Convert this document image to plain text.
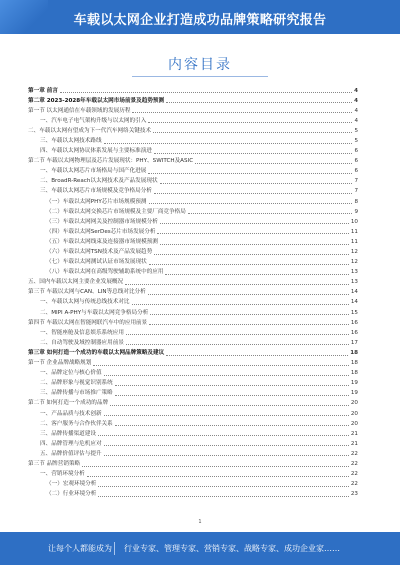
车载以太网企业打造成功品牌策略研究报告
内容目录
第一章 前言	4
第二章 2023-2028年车载以太网市场前景及趋势预测	4
第一节 以太网通信在车载领域的发展历程	4
一、汽车电子电气架构升级与以太网的引入	4
二、车载以太网有望成为下一代汽车网络关键技术	5
三、车载以太网技术路线	5
四、车载以太网协议体系发展与主要标准演进	6
第二节 车载以太网物理层及芯片发展现状：PHY、SWITCH及ASIC	6
一、车载以太网芯片市场格局与国产化进展	6
二、BroadR-Reach以太网技术及产品发展现状	7
三、车载以太网芯片市场规模及竞争格局分析	7
（一）车载以太网PHY芯片市场规模预测	8
（二）车载以太网交换芯片市场规模及主要厂商竞争格局	9
（三）车载以太网网关及控制器市场规模分析	10
（四）车载以太网SerDes芯片市场发展分析	11
（五）车载以太网线束及连接器市场规模预测	11
（六）车载以太网TSN技术及产品发展趋势	12
（七）车载以太网测试认证市场发展现状	12
（八）车载以太网在高级驾驶辅助系统中的应用	13
五、国内车载以太网主要企业发展概况	13
第三节 车载以太网与CAN、LIN等总线对比分析	14
一、车载以太网与传统总线技术对比	14
二、MIPI A-PHY与车载以太网竞争格局分析	15
第四节 车载以太网在智能网联汽车中的应用前景	16
一、智能座舱及信息娱乐系统应用	16
二、自动驾驶及域控制器应用前景	17
第三章 如何打造一个成功的车载以太网品牌策略及建议	18
第一节 企业品牌战略规划	18
一、品牌定位与核心价值	18
二、品牌形象与视觉识别系统	19
三、品牌传播与市场推广策略	19
第二节 如何打造一个成功的品牌	20
一、产品品质与技术创新	20
二、客户服务与合作伙伴关系	20
三、品牌传播渠道建设	21
四、品牌管理与危机应对	21
五、品牌价值评估与提升	22
第三节 品牌营销策略	22
一、营销环境分析	22
（一）宏观环境分析	22
（二）行业环境分析	23
1
让每个人都能成为 行业专家、管理专家、营销专家、战略专家、成功企业家……
